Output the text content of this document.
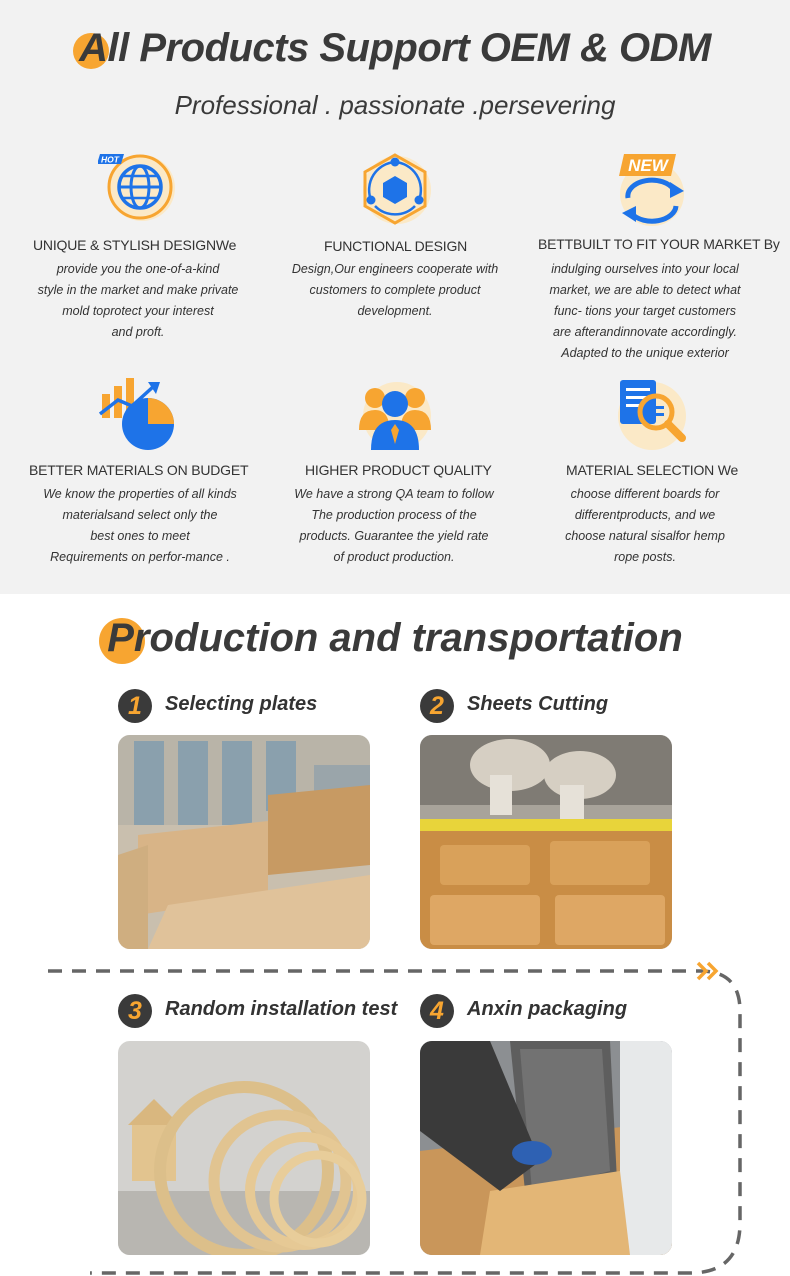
All Products Support OEM & ODM
Professional . passionate .persevering
HOT
UNIQUE & STYLISH DESIGNWe
provide you the one-of-a-kind
style in the market and make private
mold toprotect your interest
and proft.
FUNCTIONAL DESIGN
Design,Our engineers cooperate with
customers to complete product
development.
NEW
BETTBUILT TO FIT YOUR MARKET By
indulging ourselves into your local
market, we are able to detect what
func- tions your target customers
are afterandinnovate accordingly.
Adapted to the unique exterior
BETTER MATERIALS ON BUDGET
We know the properties of all kinds
materialsand select only the
best ones to meet
Requirements on perfor-mance .
HIGHER PRODUCT QUALITY
We have a strong QA team to follow
The production process of the
products. Guarantee the yield rate
of product production.
MATERIAL SELECTION We
choose different boards for
differentproducts, and we
choose natural sisalfor hemp
rope posts.
Production and transportation
1	Selecting plates	2	Sheets Cutting
3	Random installation test	4	Anxin packaging
